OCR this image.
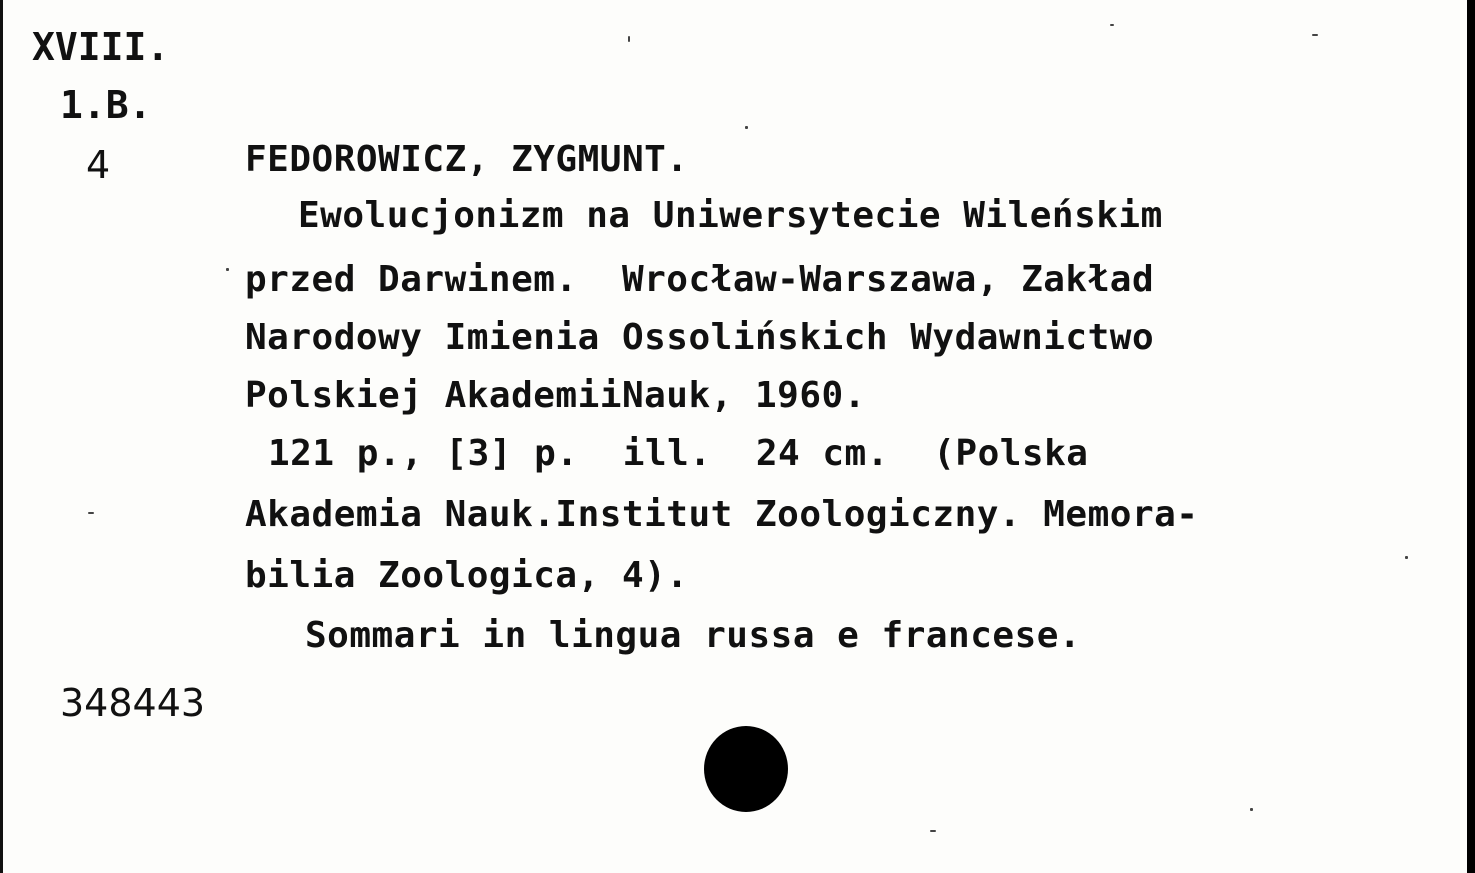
XVIII.

1.B.

4	FEDOROWICZ, ZYGMUNT.

Ewolucjonizm na Uniwersytecie Wileńskim

przed Darwinem.  Wrocław-Warszawa, Zakład

Narodowy Imienia Ossolińskich Wydawnictwo

Polskiej AkademiiNauk, 1960.

121 p., [3] p.  ill.  24 cm.  (Polska

Akademia Nauk.Institut Zoologiczny. Memora-

bilia Zoologica, 4).

Sommari in lingua russa e francese.

348443
